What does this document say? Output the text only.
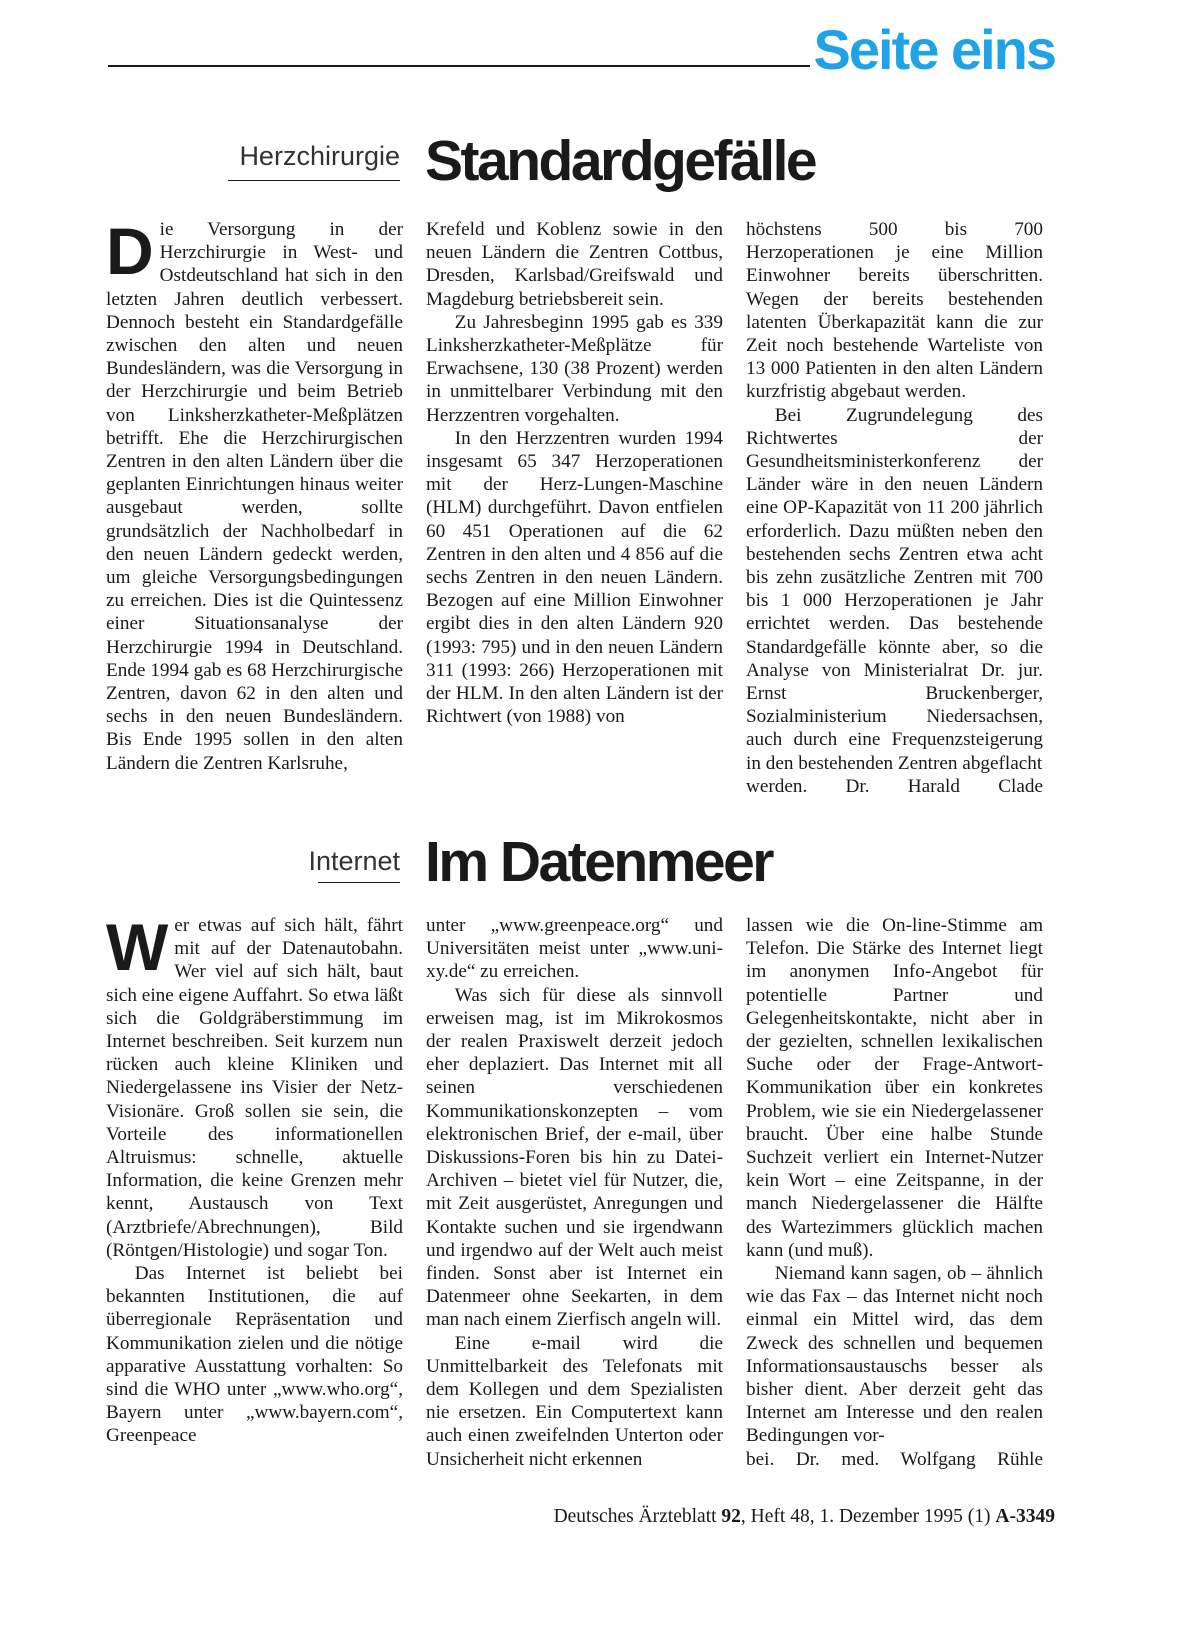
Seite eins
Herzchirurgie Standardgefälle

Die Versorgung in der Herzchirurgie in West- und Ostdeutschland hat sich in den letzten Jahren deutlich verbessert. Dennoch besteht ein Standardgefälle zwischen den alten und neuen Bundesländern, was die Versorgung in der Herzchirurgie und beim Betrieb von Linksherzkatheter-Meßplätzen betrifft. Ehe die Herzchirurgischen Zentren in den alten Ländern über die geplanten Einrichtungen hinaus weiter ausgebaut werden, sollte grundsätzlich der Nachholbedarf in den neuen Ländern gedeckt werden, um gleiche Versorgungsbedingungen zu erreichen. Dies ist die Quintessenz einer Situationsanalyse der Herzchirurgie 1994 in Deutschland. Ende 1994 gab es 68 Herzchirurgische Zentren, davon 62 in den alten und sechs in den neuen Bundesländern. Bis Ende 1995 sollen in den alten Ländern die Zentren Karlsruhe,

Krefeld und Koblenz sowie in den neuen Ländern die Zentren Cottbus, Dresden, Karlsbad/Greifswald und Magdeburg betriebsbereit sein.

Zu Jahresbeginn 1995 gab es 339 Linksherzkatheter-Meßplätze für Erwachsene, 130 (38 Prozent) werden in unmittelbarer Verbindung mit den Herzzentren vorgehalten.

In den Herzzentren wurden 1994 insgesamt 65 347 Herzoperationen mit der Herz-Lungen-Maschine (HLM) durchgeführt. Davon entfielen 60 451 Operationen auf die 62 Zentren in den alten und 4 856 auf die sechs Zentren in den neuen Ländern. Bezogen auf eine Million Einwohner ergibt dies in den alten Ländern 920 (1993: 795) und in den neuen Ländern 311 (1993: 266) Herzoperationen mit der HLM. In den alten Ländern ist der Richtwert (von 1988) von

höchstens 500 bis 700 Herzoperationen je eine Million Einwohner bereits überschritten. Wegen der bereits bestehenden latenten Überkapazität kann die zur Zeit noch bestehende Warteliste von 13 000 Patienten in den alten Ländern kurzfristig abgebaut werden.

Bei Zugrundelegung des Richtwertes der Gesundheitsministerkonferenz der Länder wäre in den neuen Ländern eine OP-Kapazität von 11 200 jährlich erforderlich. Dazu müßten neben den bestehenden sechs Zentren etwa acht bis zehn zusätzliche Zentren mit 700 bis 1 000 Herzoperationen je Jahr errichtet werden. Das bestehende Standardgefälle könnte aber, so die Analyse von Ministerialrat Dr. jur. Ernst Bruckenberger, Sozialministerium Niedersachsen, auch durch eine Frequenzsteigerung in den bestehenden Zentren abgeflacht

werden. Dr. Harald Clade
Internet Im Datenmeer

Wer etwas auf sich hält, fährt mit auf der Datenautobahn. Wer viel auf sich hält, baut sich eine eigene Auffahrt. So etwa läßt sich die Goldgräberstimmung im Internet beschreiben. Seit kurzem nun rücken auch kleine Kliniken und Niedergelassene ins Visier der Netz-Visionäre. Groß sollen sie sein, die Vorteile des informationellen Altruismus: schnelle, aktuelle Information, die keine Grenzen mehr kennt, Austausch von Text (Arztbriefe/Abrechnungen), Bild (Röntgen/Histologie) und sogar Ton.

Das Internet ist beliebt bei bekannten Institutionen, die auf überregionale Repräsentation und Kommunikation zielen und die nötige apparative Ausstattung vorhalten: So sind die WHO unter „www.who.org“, Bayern unter „www.bayern.com“, Greenpeace

unter „www.greenpeace.org“ und Universitäten meist unter „www.uni-xy.de“ zu erreichen.

Was sich für diese als sinnvoll erweisen mag, ist im Mikrokosmos der realen Praxiswelt derzeit jedoch eher deplaziert. Das Internet mit all seinen verschiedenen Kommunikationskonzepten – vom elektronischen Brief, der e-mail, über Diskussions-Foren bis hin zu Datei-Archiven – bietet viel für Nutzer, die, mit Zeit ausgerüstet, Anregungen und Kontakte suchen und sie irgendwann und irgendwo auf der Welt auch meist finden. Sonst aber ist Internet ein Datenmeer ohne Seekarten, in dem man nach einem Zierfisch angeln will.

Eine e-mail wird die Unmittelbarkeit des Telefonats mit dem Kollegen und dem Spezialisten nie ersetzen. Ein Computertext kann auch einen zweifelnden Unterton oder Unsicherheit nicht erkennen

lassen wie die On-line-Stimme am Telefon. Die Stärke des Internet liegt im anonymen Info-Angebot für potentielle Partner und Gelegenheitskontakte, nicht aber in der gezielten, schnellen lexikalischen Suche oder der Frage-Antwort-Kommunikation über ein konkretes Problem, wie sie ein Niedergelassener braucht. Über eine halbe Stunde Suchzeit verliert ein Internet-Nutzer kein Wort – eine Zeitspanne, in der manch Niedergelassener die Hälfte des Wartezimmers glücklich machen kann (und muß).

Niemand kann sagen, ob – ähnlich wie das Fax – das Internet nicht noch einmal ein Mittel wird, das dem Zweck des schnellen und bequemen Informationsaustauschs besser als bisher dient. Aber derzeit geht das Internet am Interesse und den realen Bedingungen vor-

bei. Dr. med. Wolfgang Rühle
Deutsches Ärzteblatt 92, Heft 48, 1. Dezember 1995 (1) A-3349
